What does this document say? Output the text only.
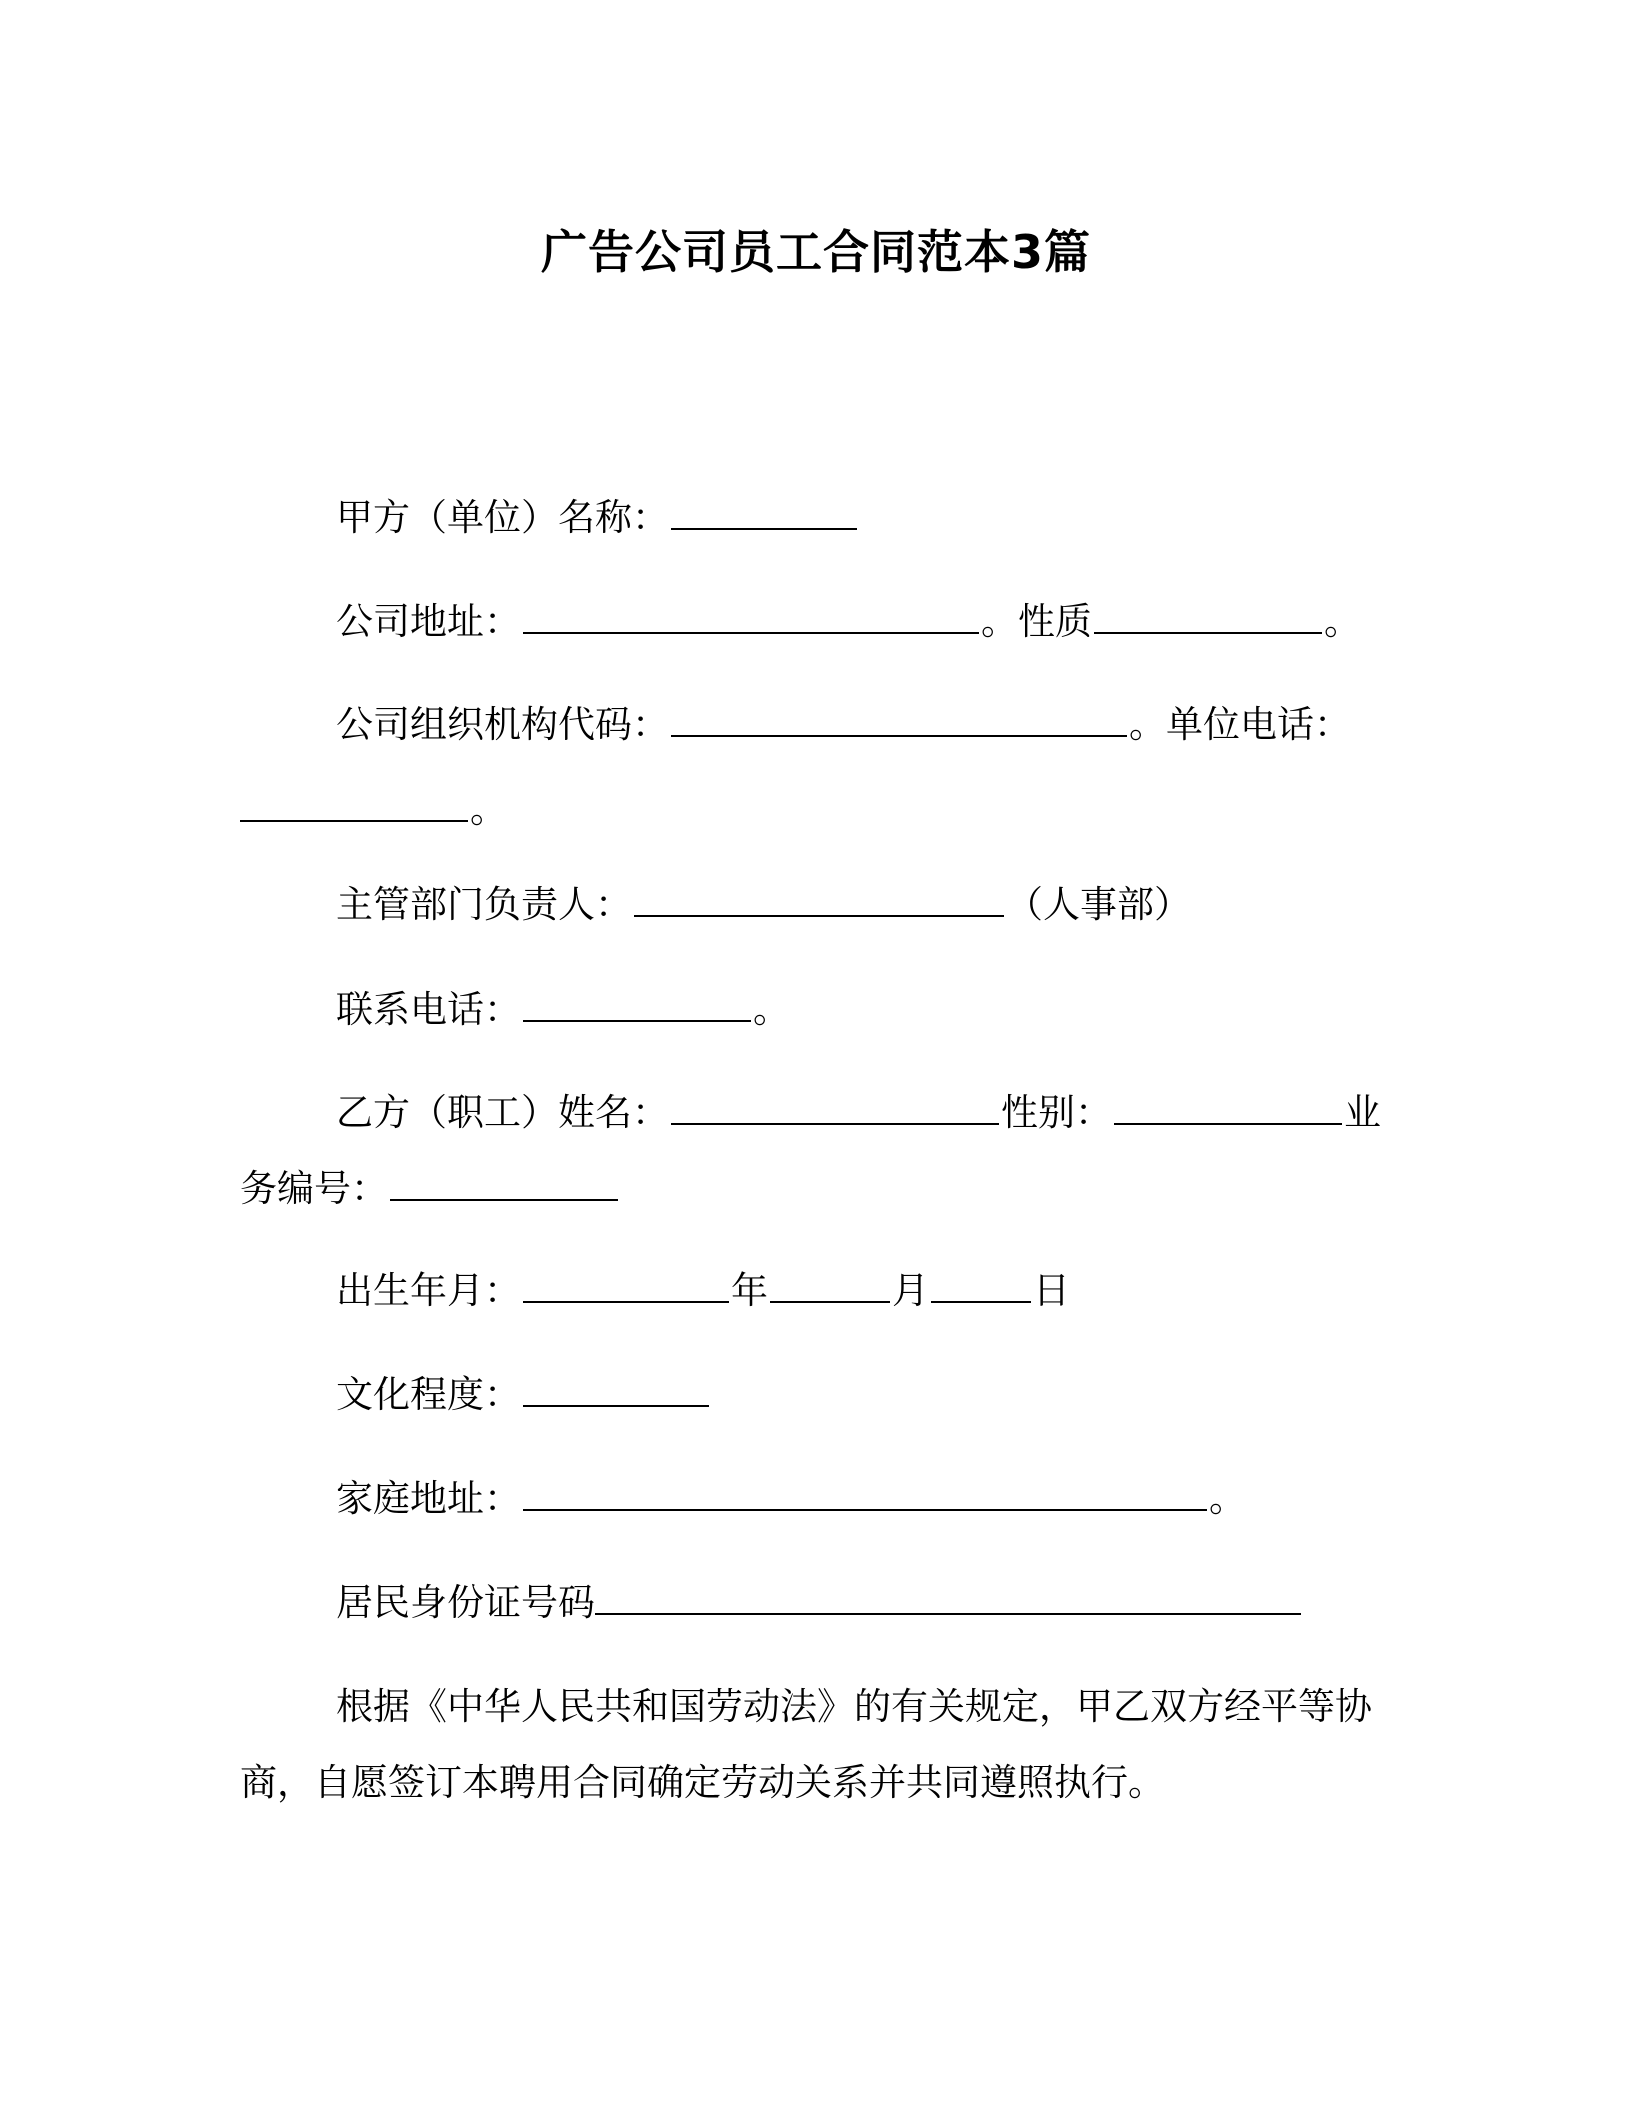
广告公司员工合同范本3篇
甲方（单位）名称：
公司地址：	。性质	。
公司组织机构代码：	。单位电话：
。
主管部门负责人：	（人事部）
联系电话：	。
乙方（职工）姓名：	性别：	业
务编号：
出生年月：	年	月	日
文化程度：
家庭地址：	。
居民身份证号码
根据《中华人民共和国劳动法》的有关规定，甲乙双方经平等协
商，自愿签订本聘用合同确定劳动关系并共同遵照执行。
